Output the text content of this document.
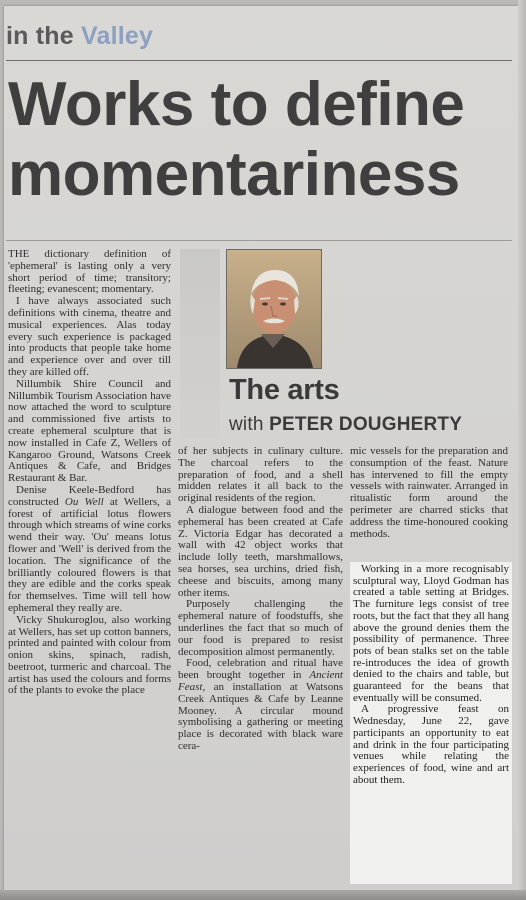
in the Valley
Works to define
momentariness

THE dictionary definition of 'ephemeral' is lasting only a very short period of time; transitory; fleeting; evanescent; momentary.

I have always associated such definitions with cinema, theatre and musical experiences. Alas today every such experience is packaged into products that people take home and experience over and over till they are killed off.

Nillumbik Shire Council and Nillumbik Tourism Association have now attached the word to sculpture and commissioned five artists to create ephemeral sculpture that is now installed in Cafe Z, Wellers of Kangaroo Ground, Watsons Creek Antiques & Cafe, and Bridges Restaurant & Bar.

Denise Keele-Bedford has constructed Ou Well at Wellers, a forest of artificial lotus flowers through which streams of wine corks wend their way. 'Ou' means lotus flower and 'Well' is derived from the location. The significance of the brilliantly coloured flowers is that they are edible and the corks speak for themselves. Time will tell how ephemeral they really are.

Vicky Shukuroglou, also working at Wellers, has set up cotton banners, printed and painted with colour from onion skins, spinach, radish, beetroot, turmeric and charcoal. The artist has used the colours and forms of the plants to evoke the place

The arts
with PETER DOUGHERTY

of her subjects in culinary culture. The charcoal refers to the preparation of food, and a shell midden relates it all back to the original residents of the region.

A dialogue between food and the ephemeral has been created at Cafe Z. Victoria Edgar has decorated a wall with 42 object works that include lolly teeth, marshmallows, sea horses, sea urchins, dried fish, cheese and biscuits, among many other items.

Purposely challenging the ephemeral nature of foodstuffs, she underlines the fact that so much of our food is prepared to resist decomposition almost permanently.

Food, celebration and ritual have been brought together in Ancient Feast, an installation at Watsons Creek Antiques & Cafe by Leanne Mooney. A circular mound symbolising a gathering or meeting place is decorated with black ware cera-

mic vessels for the preparation and consumption of the feast. Nature has intervened to fill the empty vessels with rainwater. Arranged in ritualistic form around the perimeter are charred sticks that address the time-honoured cooking methods.

Working in a more recognisably sculptural way, Lloyd Godman has created a table setting at Bridges. The furniture legs consist of tree roots, but the fact that they all hang above the ground denies them the possibility of permanence. Three pots of bean stalks set on the table re-introduces the idea of growth denied to the chairs and table, but guaranteed for the beans that eventually will be consumed.

A progressive feast on Wednesday, June 22, gave participants an opportunity to eat and drink in the four participating venues while relating the experiences of food, wine and art about them.
